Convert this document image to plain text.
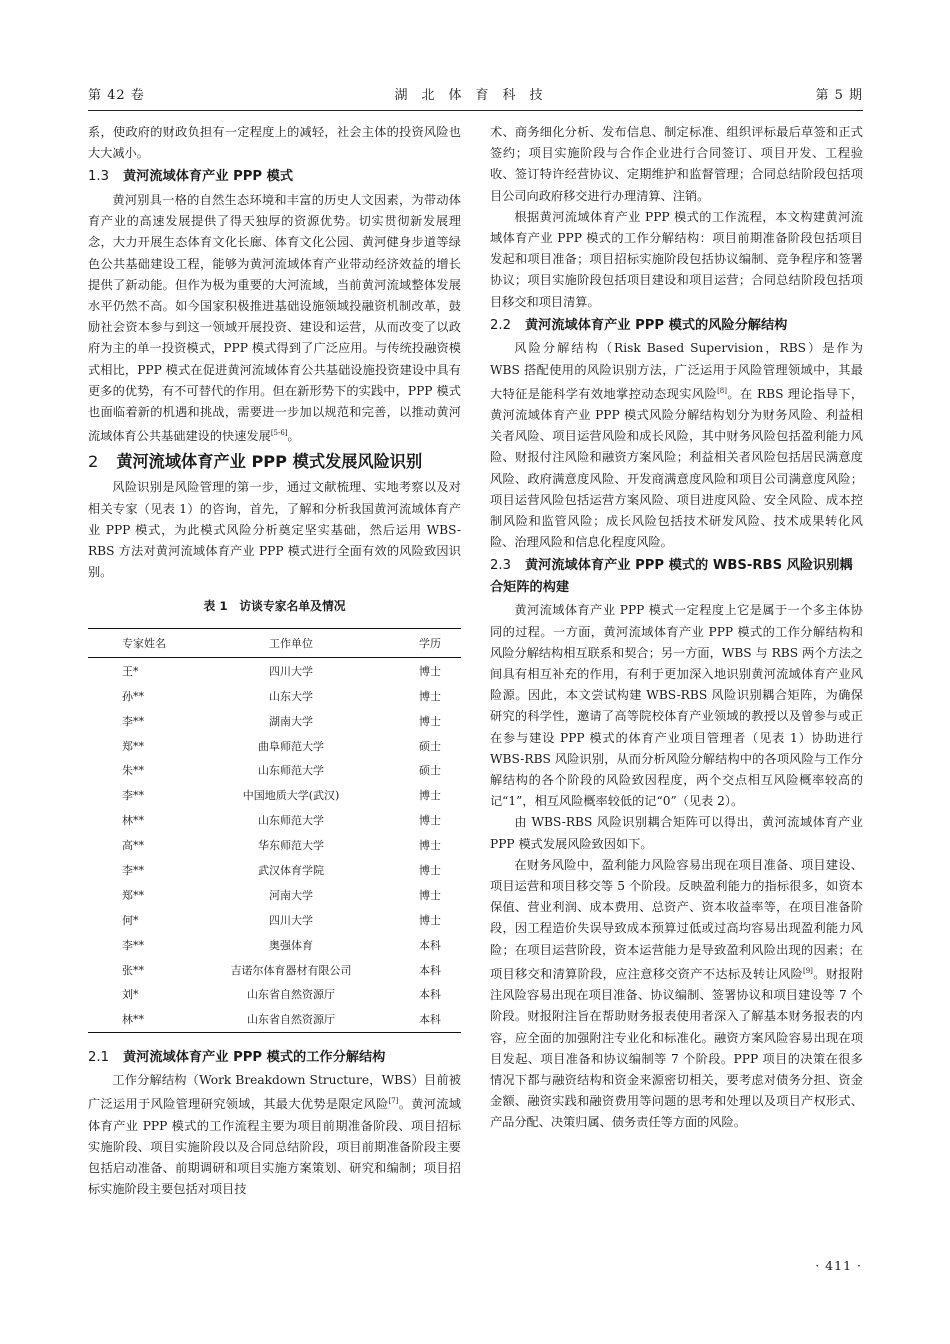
第 42 卷	湖北体育科技	第 5 期

系，使政府的财政负担有一定程度上的减轻，社会主体的投资风险也大大减小。

1.3 黄河流域体育产业 PPP 模式

黄河别具一格的自然生态环境和丰富的历史人文因素，为带动体育产业的高速发展提供了得天独厚的资源优势。切实贯彻新发展理念，大力开展生态体育文化长廊、体育文化公园、黄河健身步道等绿色公共基础建设工程，能够为黄河流域体育产业带动经济效益的增长提供了新动能。但作为极为重要的大河流域，当前黄河流域整体发展水平仍然不高。如今国家积极推进基础设施领域投融资机制改革，鼓励社会资本参与到这一领域开展投资、建设和运营，从而改变了以政府为主的单一投资模式，PPP 模式得到了广泛应用。与传统投融资模式相比，PPP 模式在促进黄河流域体育公共基础设施投资建设中具有更多的优势，有不可替代的作用。但在新形势下的实践中，PPP 模式也面临着新的机遇和挑战，需要进一步加以规范和完善，以推动黄河流域体育公共基础建设的快速发展[5-6]。

2 黄河流域体育产业 PPP 模式发展风险识别

风险识别是风险管理的第一步，通过文献梳理、实地考察以及对相关专家（见表 1）的咨询，首先，了解和分析我国黄河流域体育产业 PPP 模式，为此模式风险分析奠定坚实基础，然后运用 WBS-RBS 方法对黄河流域体育产业 PPP 模式进行全面有效的风险致因识别。

表 1　访谈专家名单及情况
专家姓名	工作单位	学历
王*	四川大学	博士
孙**	山东大学	博士
李**	湖南大学	博士
郑**	曲阜师范大学	硕士
朱**	山东师范大学	硕士
李**	中国地质大学(武汉)	博士
林**	山东师范大学	博士
高**	华东师范大学	博士
李**	武汉体育学院	博士
郑**	河南大学	博士
何*	四川大学	博士
李**	奥强体育	本科
张**	吉诺尔体育器材有限公司	本科
刘*	山东省自然资源厅	本科
林**	山东省自然资源厅	本科
2.1 黄河流域体育产业 PPP 模式的工作分解结构

工作分解结构（Work Breakdown Structure，WBS）目前被广泛运用于风险管理研究领域，其最大优势是限定风险[7]。黄河流域体育产业 PPP 模式的工作流程主要为项目前期准备阶段、项目招标实施阶段、项目实施阶段以及合同总结阶段，项目前期准备阶段主要包括启动准备、前期调研和项目实施方案策划、研究和编制；项目招标实施阶段主要包括对项目技

术、商务细化分析、发布信息、制定标准、组织评标最后草签和正式签约；项目实施阶段与合作企业进行合同签订、项目开发、工程验收、签订特许经营协议、定期维护和监督管理；合同总结阶段包括项目公司向政府移交进行办理清算、注销。

根据黄河流域体育产业 PPP 模式的工作流程，本文构建黄河流域体育产业 PPP 模式的工作分解结构：项目前期准备阶段包括项目发起和项目准备；项目招标实施阶段包括协议编制、竞争程序和签署协议；项目实施阶段包括项目建设和项目运营；合同总结阶段包括项目移交和项目清算。

2.2 黄河流域体育产业 PPP 模式的风险分解结构

风险分解结构（Risk Based Supervision，RBS）是作为 WBS 搭配使用的风险识别方法，广泛运用于风险管理领域中，其最大特征是能科学有效地掌控动态现实风险[8]。在 RBS 理论指导下，黄河流域体育产业 PPP 模式风险分解结构划分为财务风险、利益相关者风险、项目运营风险和成长风险，其中财务风险包括盈利能力风险、财报付注风险和融资方案风险；利益相关者风险包括居民满意度风险、政府满意度风险、开发商满意度风险和项目公司满意度风险；项目运营风险包括运营方案风险、项目进度风险、安全风险、成本控制风险和监管风险；成长风险包括技术研发风险、技术成果转化风险、治理风险和信息化程度风险。

2.3 黄河流域体育产业 PPP 模式的 WBS-RBS 风险识别耦合矩阵的构建

黄河流域体育产业 PPP 模式一定程度上它是属于一个多主体协同的过程。一方面，黄河流域体育产业 PPP 模式的工作分解结构和风险分解结构相互联系和契合；另一方面，WBS 与 RBS 两个方法之间具有相互补充的作用，有利于更加深入地识别黄河流域体育产业风险源。因此，本文尝试构建 WBS-RBS 风险识别耦合矩阵，为确保研究的科学性，邀请了高等院校体育产业领域的教授以及曾参与或正在参与建设 PPP 模式的体育产业项目管理者（见表 1）协助进行 WBS-RBS 风险识别，从而分析风险分解结构中的各项风险与工作分解结构的各个阶段的风险致因程度，两个交点相互风险概率较高的记“1”，相互风险概率较低的记“0”（见表 2）。

由 WBS-RBS 风险识别耦合矩阵可以得出，黄河流域体育产业 PPP 模式发展风险致因如下。

在财务风险中，盈利能力风险容易出现在项目准备、项目建设、项目运营和项目移交等 5 个阶段。反映盈利能力的指标很多，如资本保值、营业利润、成本费用、总资产、资本收益率等，在项目准备阶段，因工程造价失误导致成本预算过低或过高均容易出现盈利能力风险；在项目运营阶段，资本运营能力是导致盈利风险出现的因素；在项目移交和清算阶段，应注意移交资产不达标及转让风险[9]。财报附注风险容易出现在项目准备、协议编制、签署协议和项目建设等 7 个阶段。财报附注旨在帮助财务报表使用者深入了解基本财务报表的内容，应全面的加强附注专业化和标准化。融资方案风险容易出现在项目发起、项目准备和协议编制等 7 个阶段。PPP 项目的决策在很多情况下都与融资结构和资金来源密切相关，要考虑对债务分担、资金金额、融资实践和融资费用等问题的思考和处理以及项目产权形式、产品分配、决策归属、债务责任等方面的风险。

· 411 ·
